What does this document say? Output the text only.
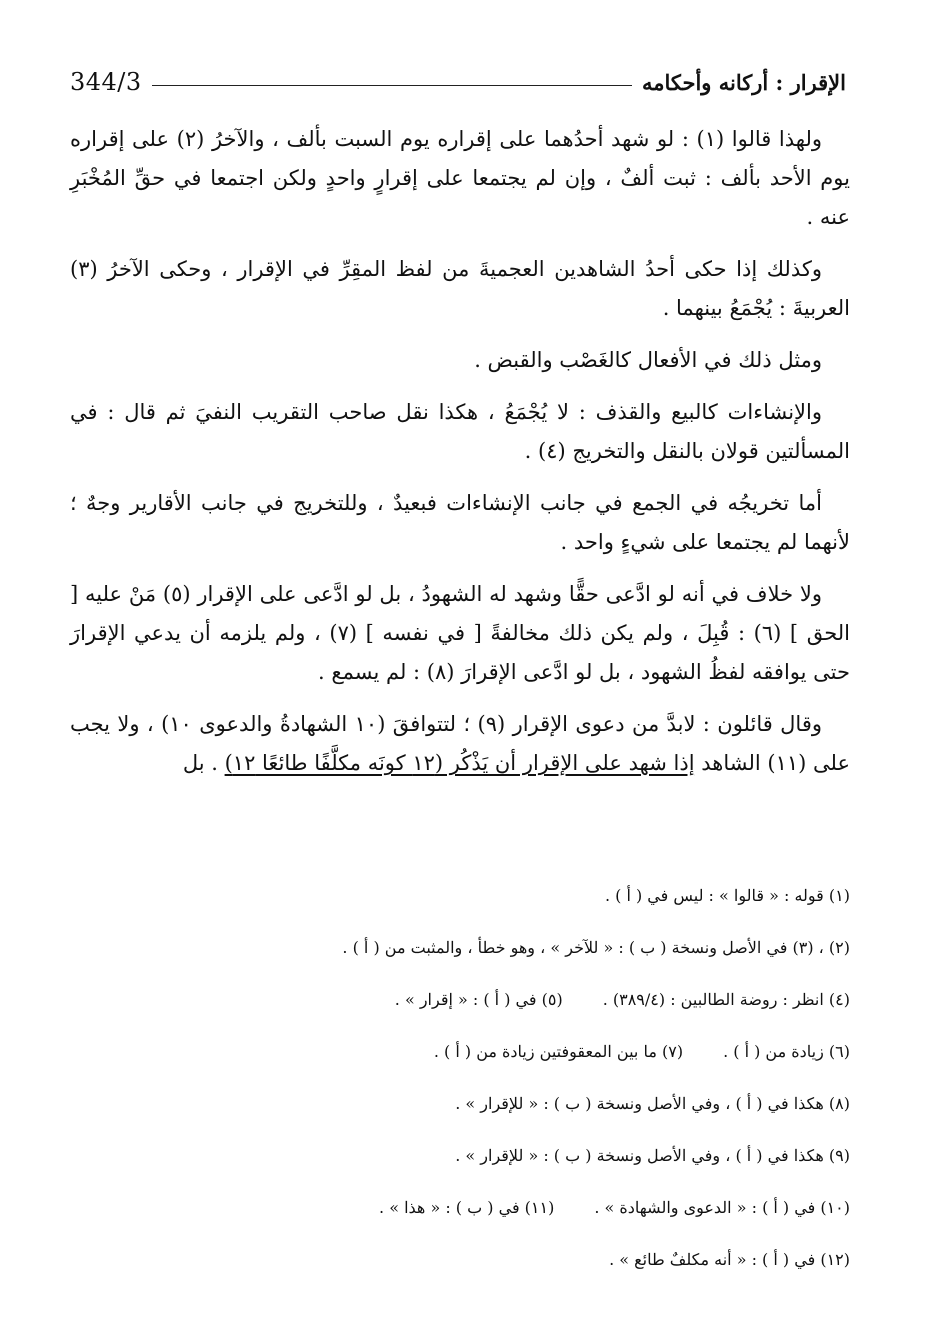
344/3	الإقرار : أركانه وأحكامه

ولهذا قالوا (١) : لو شهد أحدُهما على إقراره يوم السبت بألف ، والآخرُ (٢) على إقراره يوم الأحد بألف : ثبت ألفٌ ، وإن لم يجتمعا على إقرارٍ واحدٍ ولكن اجتمعا في حقِّ المُخْبَرِ عنه .

وكذلك إذا حكى أحدُ الشاهدين العجميةَ من لفظ المقِرِّ في الإقرار ، وحكى الآخرُ (٣) العربيةَ : يُجْمَعُ بينهما .

ومثل ذلك في الأفعال كالغَصْب والقبض .

والإنشاءات كالبيع والقذف : لا يُجْمَعُ ، هكذا نقل صاحب التقريب النفيَ ثم قال : في المسألتين قولان بالنقل والتخريج (٤) .

أما تخريجُه في الجمع في جانب الإنشاءات فبعيدٌ ، وللتخريج في جانب الأقارير وجهٌ ؛ لأنهما لم يجتمعا على شيءٍ واحد .

ولا خلاف في أنه لو ادَّعى حقًّا وشهد له الشهودُ ، بل لو ادَّعى على الإقرار (٥) مَنْ عليه [ الحق ] (٦) : قُبِلَ ، ولم يكن ذلك مخالفةً [ في نفسه ] (٧) ، ولم يلزمه أن يدعي الإقرارَ حتى يوافقه لفظُ الشهود ، بل لو ادَّعى الإقرارَ (٨) : لم يسمع .

وقال قائلون : لابدَّ من دعوى الإقرار (٩) ؛ لتتوافقَ (١٠ الشهادةُ والدعوى ١٠) ، ولا يجب على (١١) الشاهد إذا شهد على الإقرار أن يَذْكُر (١٢ كونَه مكلَّفًا طائعًا ١٢) . بل

(١) قوله : « قالوا » : ليس في ( أ ) .
(٢) ، (٣) في الأصل ونسخة ( ب ) : « للآخر » ، وهو خطأ ، والمثبت من ( أ ) .
(٤) انظر : روضة الطالبين : (٣٨٩/٤) .
(٥) في ( أ ) : « إقرار » .
(٦) زيادة من ( أ ) .
(٧) ما بين المعقوفتين زيادة من ( أ ) .
(٨) هكذا في ( أ ) ، وفي الأصل ونسخة ( ب ) : « للإقرار » .
(٩) هكذا في ( أ ) ، وفي الأصل ونسخة ( ب ) : « للإقرار » .
(١٠) في ( أ ) : « الدعوى والشهادة » .
(١١) في ( ب ) : « هذا » .
(١٢) في ( أ ) : « أنه مكلفٌ طائع » .
